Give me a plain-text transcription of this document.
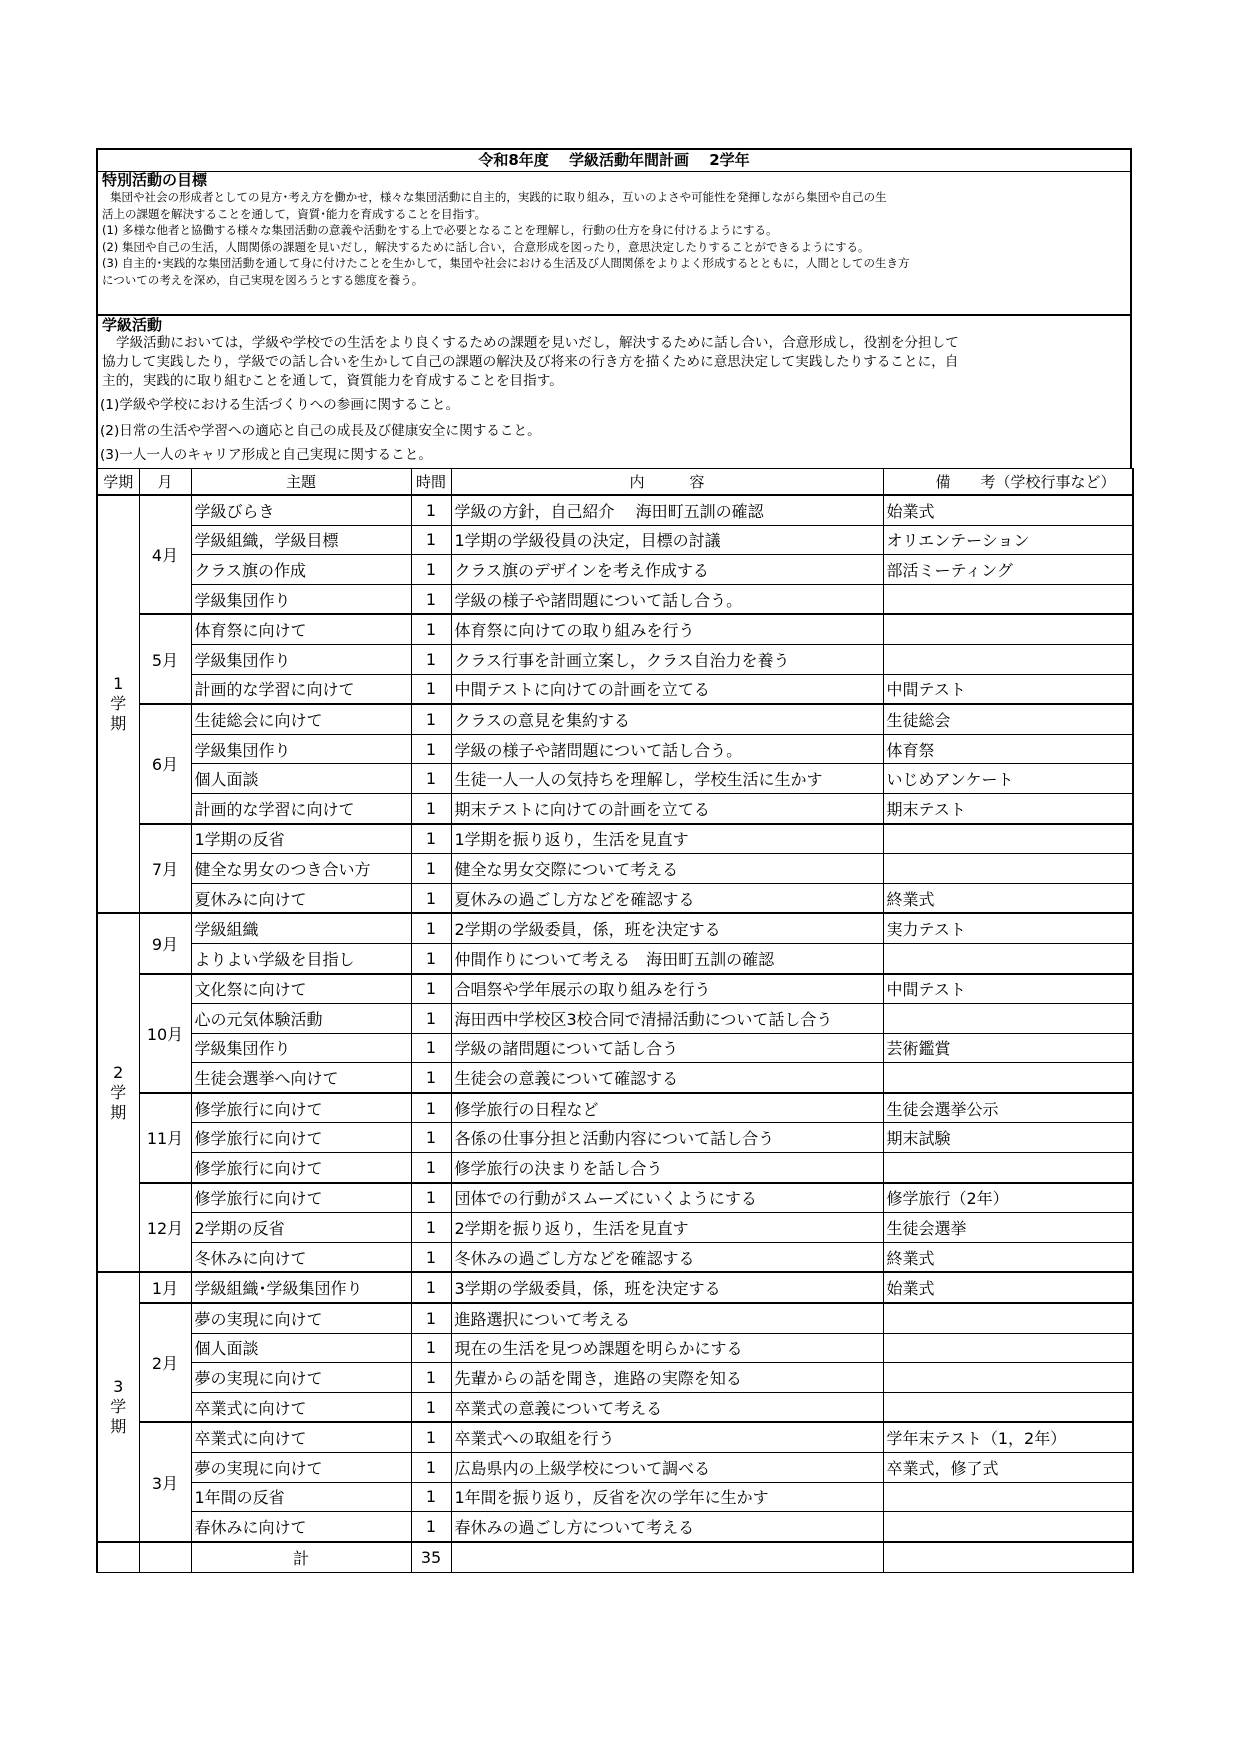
令和8年度　 学級活動年間計画　 2学年
特別活動の目標
集団や社会の形成者としての見方･考え方を働かせ，様々な集団活動に自主的，実践的に取り組み，互いのよさや可能性を発揮しながら集団や自己の生
活上の課題を解決することを通して，資質･能力を育成することを目指す。
(1) 多様な他者と協働する様々な集団活動の意義や活動をする上で必要となることを理解し，行動の仕方を身に付けるようにする。
(2) 集団や自己の生活，人間関係の課題を見いだし，解決するために話し合い，合意形成を図ったり，意思決定したりすることができるようにする。
(3) 自主的･実践的な集団活動を通して身に付けたことを生かして，集団や社会における生活及び人間関係をよりよく形成するとともに，人間としての生き方
についての考えを深め，自己実現を図ろうとする態度を養う。
学級活動
学級活動においては，学級や学校での生活をより良くするための課題を見いだし，解決するために話し合い，合意形成し，役割を分担して
協力して実践したり，学級での話し合いを生かして自己の課題の解決及び将来の行き方を描くために意思決定して実践したりすることに，自
主的，実践的に取り組むことを通して，資質能力を育成することを目指す。
(1)学級や学校における生活づくりへの参画に関すること。
(2)日常の生活や学習への適応と自己の成長及び健康安全に関すること。
(3)一人一人のキャリア形成と自己実現に関すること。
学期	月	主題	時間	内　　　容	備　　考（学校行事など）

1
学
期	4月	学級びらき	1	学級の方針，自己紹介　 海田町五訓の確認	始業式
		学級組織，学級目標	1	1学期の学級役員の決定，目標の討議	オリエンテーション
		クラス旗の作成	1	クラス旗のデザインを考え作成する	部活ミーティング
		学級集団作り	1	学級の様子や諸問題について話し合う。	
	5月	体育祭に向けて	1	体育祭に向けての取り組みを行う	
		学級集団作り	1	クラス行事を計画立案し，クラス自治力を養う	
		計画的な学習に向けて	1	中間テストに向けての計画を立てる	中間テスト
	6月	生徒総会に向けて	1	クラスの意見を集約する	生徒総会
		学級集団作り	1	学級の様子や諸問題について話し合う。	体育祭
		個人面談	1	生徒一人一人の気持ちを理解し，学校生活に生かす	いじめアンケート
		計画的な学習に向けて	1	期末テストに向けての計画を立てる	期末テスト
	7月	1学期の反省	1	1学期を振り返り，生活を見直す	
		健全な男女のつき合い方	1	健全な男女交際について考える	
		夏休みに向けて	1	夏休みの過ごし方などを確認する	終業式

2
学
期	9月	学級組織	1	2学期の学級委員，係，班を決定する	実力テスト
		よりよい学級を目指し	1	仲間作りについて考える　海田町五訓の確認	
	10月	文化祭に向けて	1	合唱祭や学年展示の取り組みを行う	中間テスト
		心の元気体験活動	1	海田西中学校区3校合同で清掃活動について話し合う	
		学級集団作り	1	学級の諸問題について話し合う	芸術鑑賞
		生徒会選挙へ向けて	1	生徒会の意義について確認する	
	11月	修学旅行に向けて	1	修学旅行の日程など	生徒会選挙公示
		修学旅行に向けて	1	各係の仕事分担と活動内容について話し合う	期末試験
		修学旅行に向けて	1	修学旅行の決まりを話し合う	
	12月	修学旅行に向けて	1	団体での行動がスムーズにいくようにする	修学旅行（2年）
		2学期の反省	1	2学期を振り返り，生活を見直す	生徒会選挙
		冬休みに向けて	1	冬休みの過ごし方などを確認する	終業式

3
学
期	1月	学級組織･学級集団作り	1	3学期の学級委員，係，班を決定する	始業式
	2月	夢の実現に向けて	1	進路選択について考える	
		個人面談	1	現在の生活を見つめ課題を明らかにする	
		夢の実現に向けて	1	先輩からの話を聞き，進路の実際を知る	
		卒業式に向けて	1	卒業式の意義について考える	
	3月	卒業式に向けて	1	卒業式への取組を行う	学年末テスト（1，2年）
		夢の実現に向けて	1	広島県内の上級学校について調べる	卒業式，修了式
		1年間の反省	1	1年間を振り返り，反省を次の学年に生かす	
		春休みに向けて	1	春休みの過ごし方について考える	
		計	35		
